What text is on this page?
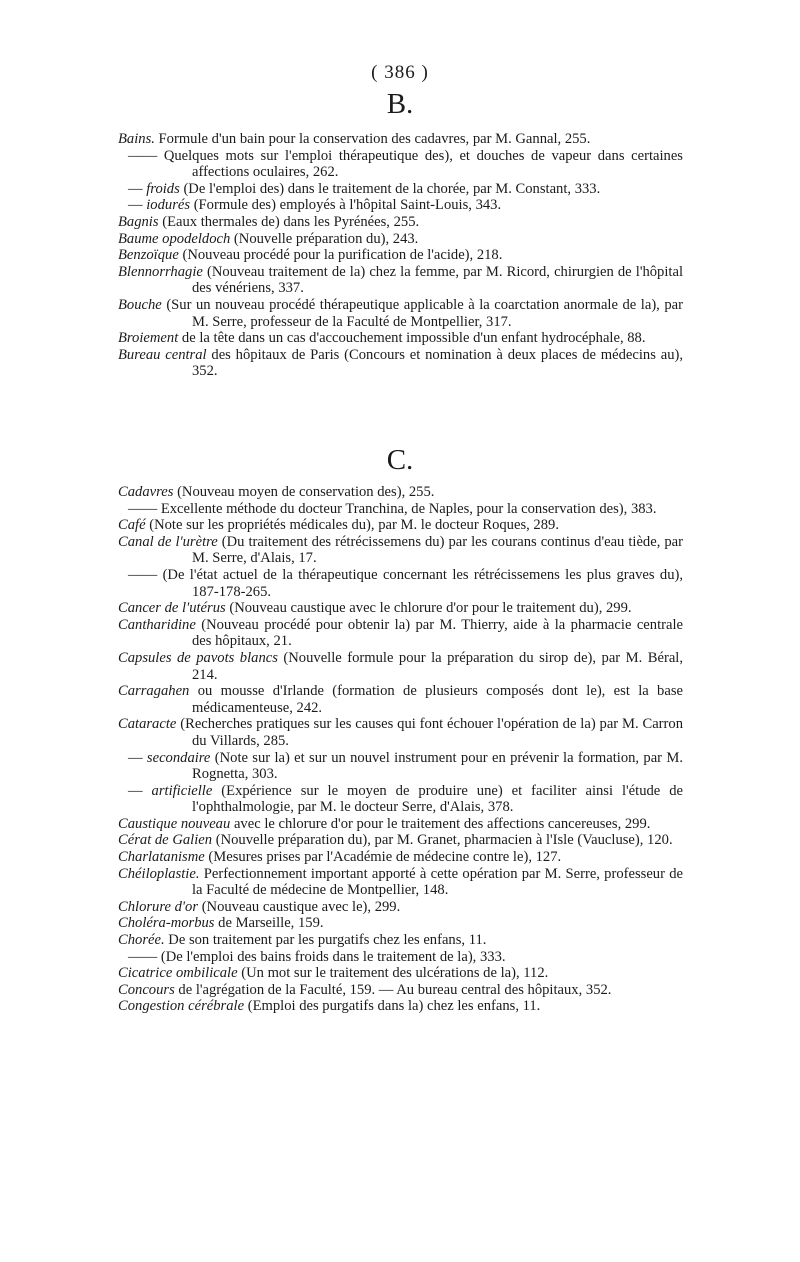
( 386 )
B.
Bains. Formule d'un bain pour la conservation des cadavres, par M. Gannal, 255.
—— Quelques mots sur l'emploi thérapeutique des), et douches de vapeur dans certaines affections oculaires, 262.
— froids (De l'emploi des) dans le traitement de la chorée, par M. Constant, 333.
— iodurés (Formule des) employés à l'hôpital Saint-Louis, 343.
Bagnis (Eaux thermales de) dans les Pyrénées, 255.
Baume opodeldoch (Nouvelle préparation du), 243.
Benzoïque (Nouveau procédé pour la purification de l'acide), 218.
Blennorrhagie (Nouveau traitement de la) chez la femme, par M. Ricord, chirurgien de l'hôpital des vénériens, 337.
Bouche (Sur un nouveau procédé thérapeutique applicable à la coarctation anormale de la), par M. Serre, professeur de la Faculté de Montpellier, 317.
Broiement de la tête dans un cas d'accouchement impossible d'un enfant hydrocéphale, 88.
Bureau central des hôpitaux de Paris (Concours et nomination à deux places de médecins au), 352.
C.
Cadavres (Nouveau moyen de conservation des), 255.
—— Excellente méthode du docteur Tranchina, de Naples, pour la conservation des), 383.
Café (Note sur les propriétés médicales du), par M. le docteur Roques, 289.
Canal de l'urètre (Du traitement des rétrécissemens du) par les courans continus d'eau tiède, par M. Serre, d'Alais, 17.
—— (De l'état actuel de la thérapeutique concernant les rétrécissemens les plus graves du), 187-178-265.
Cancer de l'utérus (Nouveau caustique avec le chlorure d'or pour le traitement du), 299.
Cantharidine (Nouveau procédé pour obtenir la) par M. Thierry, aide à la pharmacie centrale des hôpitaux, 21.
Capsules de pavots blancs (Nouvelle formule pour la préparation du sirop de), par M. Béral, 214.
Carragahen ou mousse d'Irlande (formation de plusieurs composés dont le), est la base médicamenteuse, 242.
Cataracte (Recherches pratiques sur les causes qui font échouer l'opération de la) par M. Carron du Villards, 285.
— secondaire (Note sur la) et sur un nouvel instrument pour en prévenir la formation, par M. Rognetta, 303.
— artificielle (Expérience sur le moyen de produire une) et faciliter ainsi l'étude de l'ophthalmologie, par M. le docteur Serre, d'Alais, 378.
Caustique nouveau avec le chlorure d'or pour le traitement des affections cancereuses, 299.
Cérat de Galien (Nouvelle préparation du), par M. Granet, pharmacien à l'Isle (Vaucluse), 120.
Charlatanisme (Mesures prises par l'Académie de médecine contre le), 127.
Chéiloplastie. Perfectionnement important apporté à cette opération par M. Serre, professeur de la Faculté de médecine de Montpellier, 148.
Chlorure d'or (Nouveau caustique avec le), 299.
Choléra-morbus de Marseille, 159.
Chorée. De son traitement par les purgatifs chez les enfans, 11.
—— (De l'emploi des bains froids dans le traitement de la), 333.
Cicatrice ombilicale (Un mot sur le traitement des ulcérations de la), 112.
Concours de l'agrégation de la Faculté, 159. — Au bureau central des hôpitaux, 352.
Congestion cérébrale (Emploi des purgatifs dans la) chez les enfans, 11.
